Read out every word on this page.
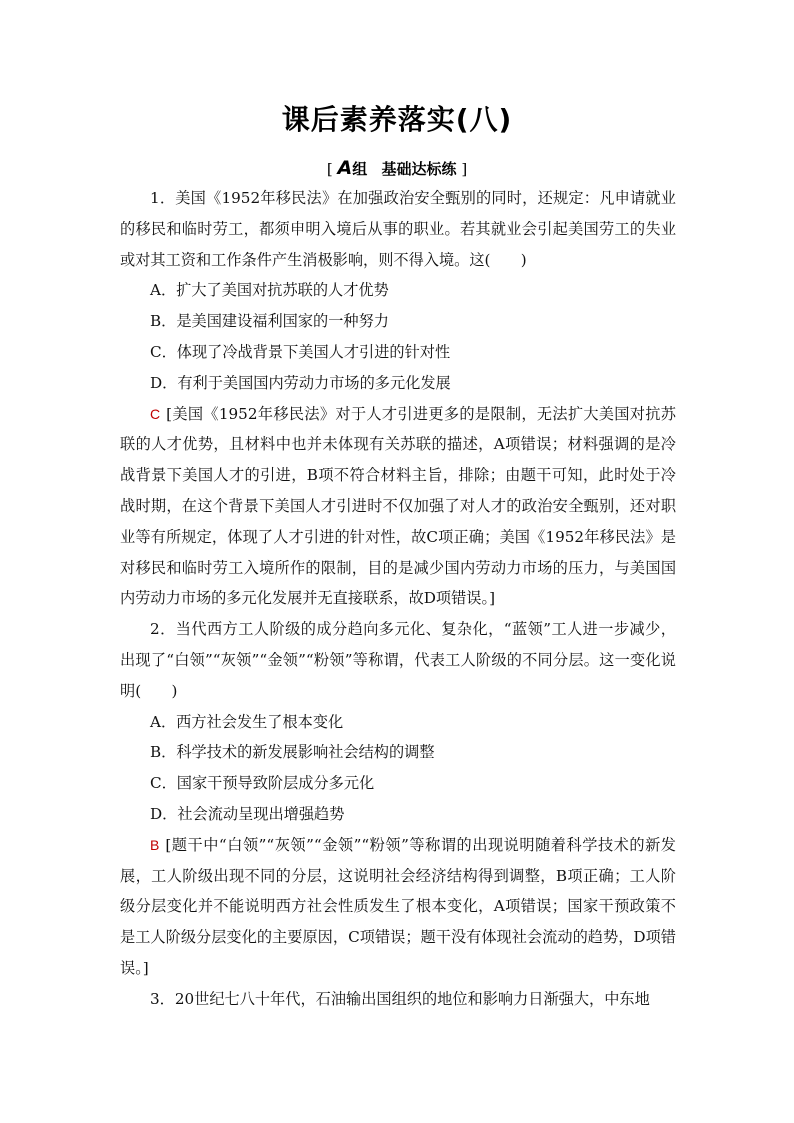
课后素养落实(八)
[ A组 基础达标练 ]

1．美国《1952年移民法》在加强政治安全甄别的同时，还规定：凡申请就业的移民和临时劳工，都须申明入境后从事的职业。若其就业会引起美国劳工的失业或对其工资和工作条件产生消极影响，则不得入境。这(　　)

A．扩大了美国对抗苏联的人才优势

B．是美国建设福利国家的一种努力

C．体现了冷战背景下美国人才引进的针对性

D．有利于美国国内劳动力市场的多元化发展

C [美国《1952年移民法》对于人才引进更多的是限制，无法扩大美国对抗苏联的人才优势，且材料中也并未体现有关苏联的描述，A项错误；材料强调的是冷战背景下美国人才的引进，B项不符合材料主旨，排除；由题干可知，此时处于冷战时期，在这个背景下美国人才引进时不仅加强了对人才的政治安全甄别，还对职业等有所规定，体现了人才引进的针对性，故C项正确；美国《1952年移民法》是对移民和临时劳工入境所作的限制，目的是减少国内劳动力市场的压力，与美国国内劳动力市场的多元化发展并无直接联系，故D项错误。]

2．当代西方工人阶级的成分趋向多元化、复杂化，“蓝领”工人进一步减少，出现了“白领”“灰领”“金领”“粉领”等称谓，代表工人阶级的不同分层。这一变化说明(　　)

A．西方社会发生了根本变化

B．科学技术的新发展影响社会结构的调整

C．国家干预导致阶层成分多元化

D．社会流动呈现出增强趋势

B [题干中“白领”“灰领”“金领”“粉领”等称谓的出现说明随着科学技术的新发展，工人阶级出现不同的分层，这说明社会经济结构得到调整，B项正确；工人阶级分层变化并不能说明西方社会性质发生了根本变化，A项错误；国家干预政策不是工人阶级分层变化的主要原因，C项错误；题干没有体现社会流动的趋势，D项错误。]

3．20世纪七八十年代，石油输出国组织的地位和影响力日渐强大，中东地
